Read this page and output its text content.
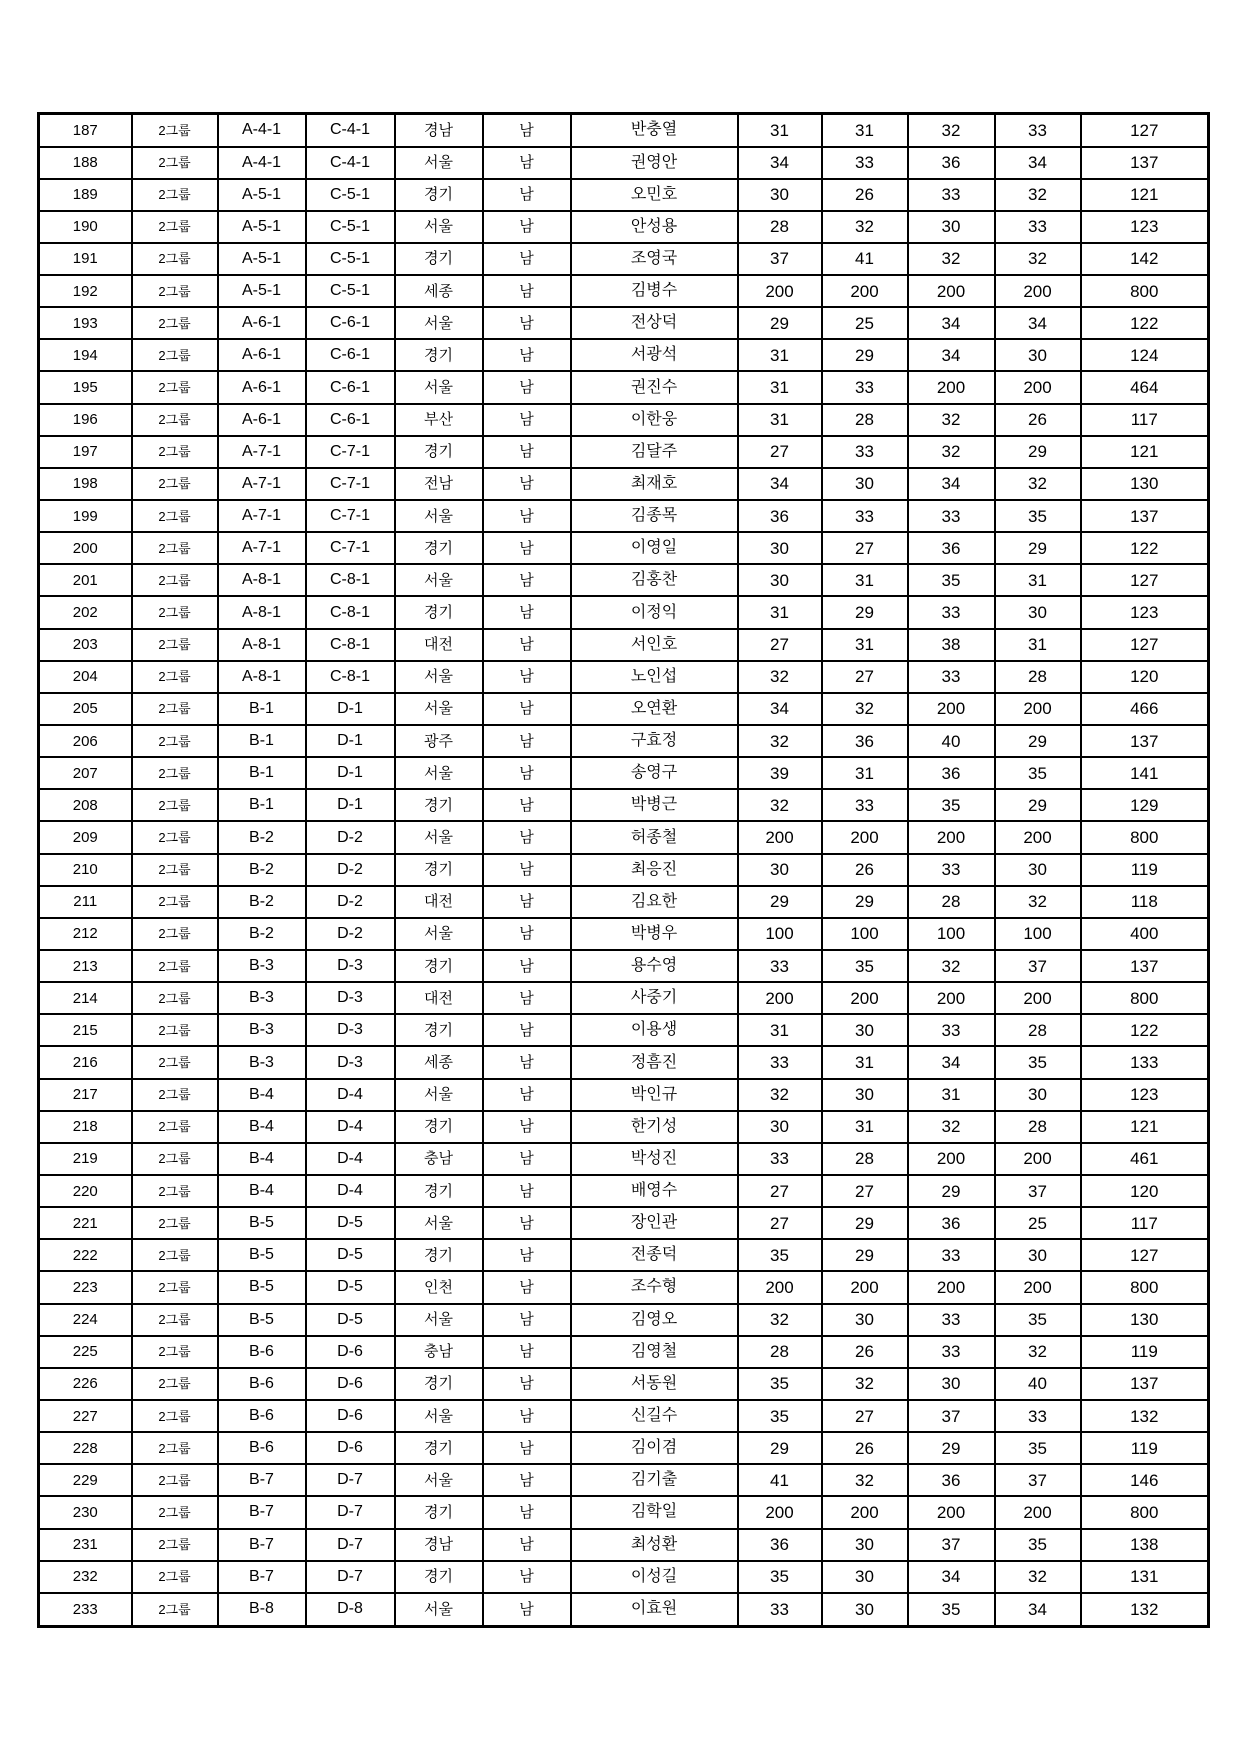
187	2그룹	A-4-1	C-4-1	경남	남	반충열	31	31	32	33	127
188	2그룹	A-4-1	C-4-1	서울	남	권영안	34	33	36	34	137
189	2그룹	A-5-1	C-5-1	경기	남	오민호	30	26	33	32	121
190	2그룹	A-5-1	C-5-1	서울	남	안성용	28	32	30	33	123
191	2그룹	A-5-1	C-5-1	경기	남	조영국	37	41	32	32	142
192	2그룹	A-5-1	C-5-1	세종	남	김병수	200	200	200	200	800
193	2그룹	A-6-1	C-6-1	서울	남	전상덕	29	25	34	34	122
194	2그룹	A-6-1	C-6-1	경기	남	서광석	31	29	34	30	124
195	2그룹	A-6-1	C-6-1	서울	남	권진수	31	33	200	200	464
196	2그룹	A-6-1	C-6-1	부산	남	이한웅	31	28	32	26	117
197	2그룹	A-7-1	C-7-1	경기	남	김달주	27	33	32	29	121
198	2그룹	A-7-1	C-7-1	전남	남	최재호	34	30	34	32	130
199	2그룹	A-7-1	C-7-1	서울	남	김종목	36	33	33	35	137
200	2그룹	A-7-1	C-7-1	경기	남	이영일	30	27	36	29	122
201	2그룹	A-8-1	C-8-1	서울	남	김홍찬	30	31	35	31	127
202	2그룹	A-8-1	C-8-1	경기	남	이정익	31	29	33	30	123
203	2그룹	A-8-1	C-8-1	대전	남	서인호	27	31	38	31	127
204	2그룹	A-8-1	C-8-1	서울	남	노인섭	32	27	33	28	120
205	2그룹	B-1	D-1	서울	남	오연환	34	32	200	200	466
206	2그룹	B-1	D-1	광주	남	구효정	32	36	40	29	137
207	2그룹	B-1	D-1	서울	남	송영구	39	31	36	35	141
208	2그룹	B-1	D-1	경기	남	박병근	32	33	35	29	129
209	2그룹	B-2	D-2	서울	남	허종철	200	200	200	200	800
210	2그룹	B-2	D-2	경기	남	최응진	30	26	33	30	119
211	2그룹	B-2	D-2	대전	남	김요한	29	29	28	32	118
212	2그룹	B-2	D-2	서울	남	박병우	100	100	100	100	400
213	2그룹	B-3	D-3	경기	남	용수영	33	35	32	37	137
214	2그룹	B-3	D-3	대전	남	사중기	200	200	200	200	800
215	2그룹	B-3	D-3	경기	남	이용생	31	30	33	28	122
216	2그룹	B-3	D-3	세종	남	정흠진	33	31	34	35	133
217	2그룹	B-4	D-4	서울	남	박인규	32	30	31	30	123
218	2그룹	B-4	D-4	경기	남	한기성	30	31	32	28	121
219	2그룹	B-4	D-4	충남	남	박성진	33	28	200	200	461
220	2그룹	B-4	D-4	경기	남	배영수	27	27	29	37	120
221	2그룹	B-5	D-5	서울	남	장인관	27	29	36	25	117
222	2그룹	B-5	D-5	경기	남	전종덕	35	29	33	30	127
223	2그룹	B-5	D-5	인천	남	조수형	200	200	200	200	800
224	2그룹	B-5	D-5	서울	남	김영오	32	30	33	35	130
225	2그룹	B-6	D-6	충남	남	김영철	28	26	33	32	119
226	2그룹	B-6	D-6	경기	남	서동원	35	32	30	40	137
227	2그룹	B-6	D-6	서울	남	신길수	35	27	37	33	132
228	2그룹	B-6	D-6	경기	남	김이겸	29	26	29	35	119
229	2그룹	B-7	D-7	서울	남	김기출	41	32	36	37	146
230	2그룹	B-7	D-7	경기	남	김학일	200	200	200	200	800
231	2그룹	B-7	D-7	경남	남	최성환	36	30	37	35	138
232	2그룹	B-7	D-7	경기	남	이성길	35	30	34	32	131
233	2그룹	B-8	D-8	서울	남	이효원	33	30	35	34	132
